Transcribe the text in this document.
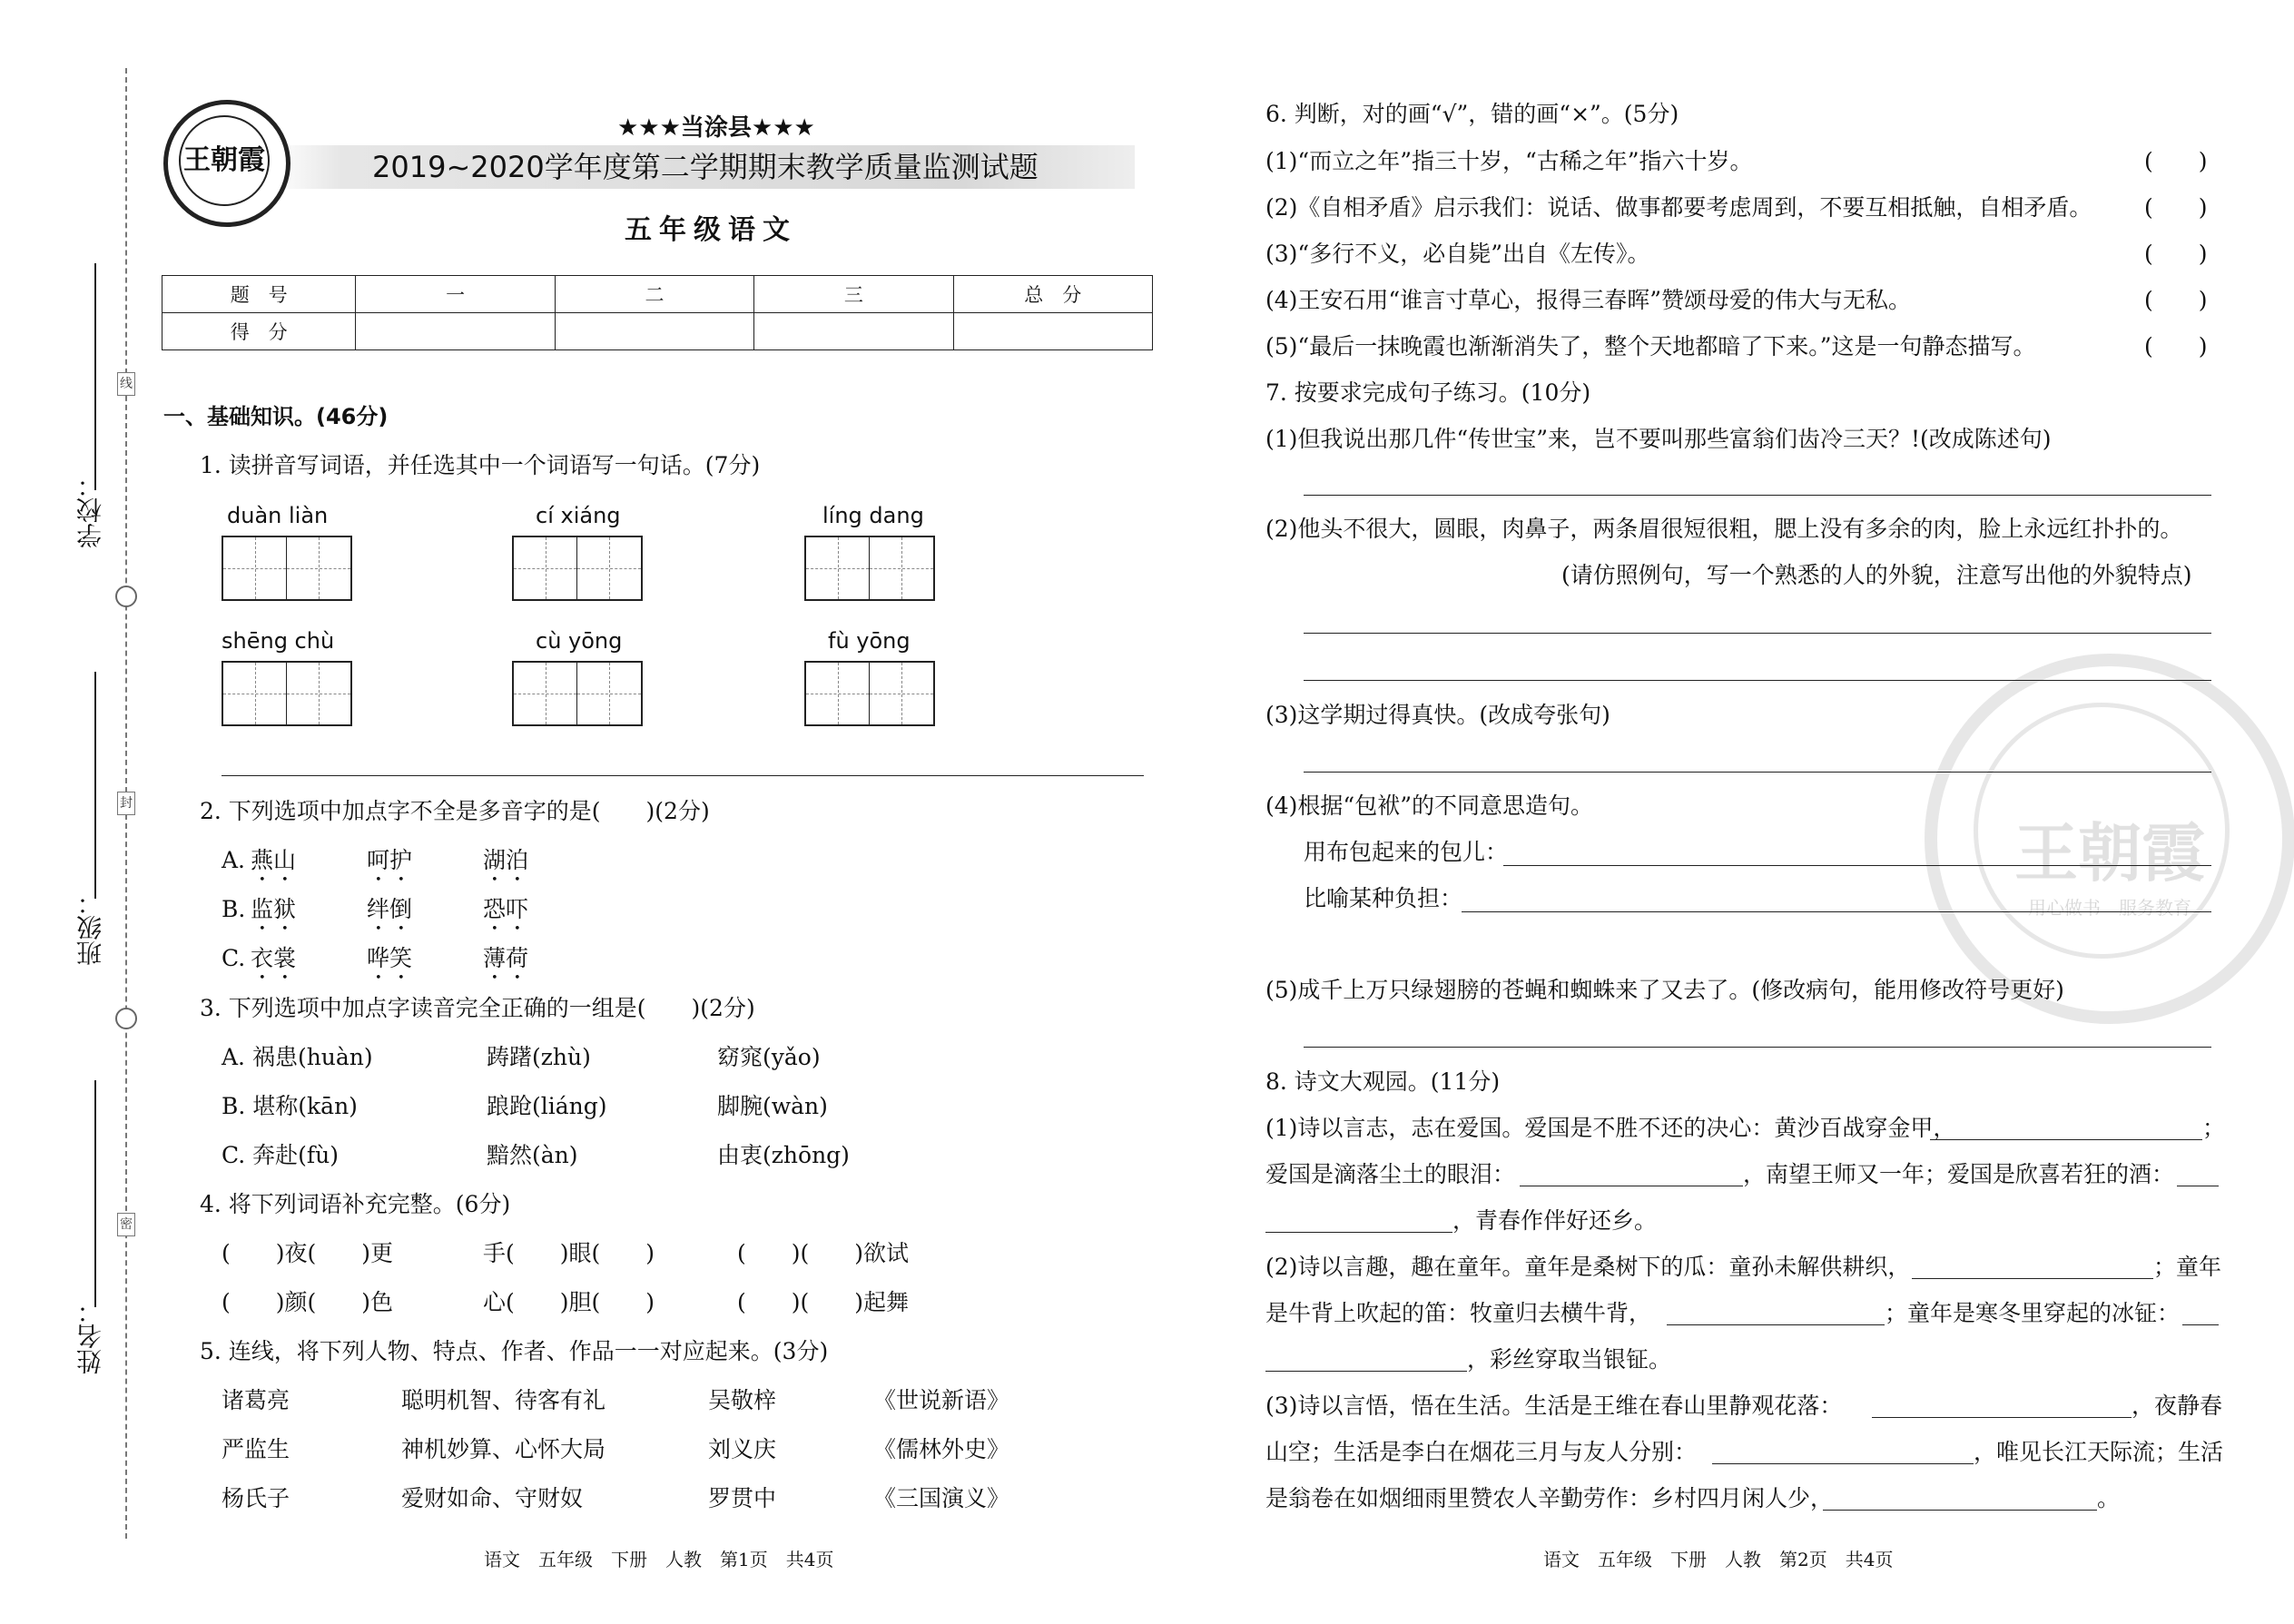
线
封
密
学校：
班级：
姓名：
王朝霞
★★★当涂县★★★
2019~2020学年度第二学期期末教学质量监测试题
五年级语文
题　号	一	二	三	总　分
得　分				
一、基础知识。(46分)
1. 读拼音写词语，并任选其中一个词语写一句话。(7分)
duàn liàn	cí xiáng	líng dang
shēng chù	cù yōng	fù yōng
2. 下列选项中加点字不全是多音字的是(　　)(2分)
A. 燕山	呵护	湖泊
B. 监狱	绊倒	恐吓
C. 衣裳	哗笑	薄荷
3. 下列选项中加点字读音完全正确的一组是(　　)(2分)
A. 祸患(huàn)	踌躇(zhù)	窈窕(yǎo)
B. 堪称(kān)	踉跄(liáng)	脚腕(wàn)
C. 奔赴(fù)	黯然(àn)	由衷(zhōng)
4. 将下列词语补充完整。(6分)
(　　)夜(　　)更	手(　　)眼(　　)	(　　)(　　)欲试
(　　)颜(　　)色	心(　　)胆(　　)	(　　)(　　)起舞
5. 连线，将下列人物、特点、作者、作品一一对应起来。(3分)
诸葛亮	聪明机智、待客有礼	吴敬梓	《世说新语》
严监生	神机妙算、心怀大局	刘义庆	《儒林外史》
杨氏子	爱财如命、守财奴	罗贯中	《三国演义》
语文　五年级　下册　人教　第1页　共4页
王朝霞
用心做书　服务教育
6. 判断，对的画“√”，错的画“×”。(5分)
(1)“而立之年”指三十岁，“古稀之年”指六十岁。	(　　)
(2)《自相矛盾》启示我们：说话、做事都要考虑周到，不要互相抵触，自相矛盾。 (　　)
(3)“多行不义，必自毙”出自《左传》。	(　　)
(4)王安石用“谁言寸草心，报得三春晖”赞颂母爱的伟大与无私。	(　　)
(5)“最后一抹晚霞也渐渐消失了，整个天地都暗了下来。”这是一句静态描写。	(　　)
7. 按要求完成句子练习。(10分)
(1)但我说出那几件“传世宝”来，岂不要叫那些富翁们齿冷三天？!(改成陈述句)
(2)他头不很大，圆眼，肉鼻子，两条眉很短很粗，腮上没有多余的肉，脸上永远红扑扑的。
(请仿照例句，写一个熟悉的人的外貌，注意写出他的外貌特点)
(3)这学期过得真快。(改成夸张句)
(4)根据“包袱”的不同意思造句。
用布包起来的包儿：
比喻某种负担：
(5)成千上万只绿翅膀的苍蝇和蜘蛛来了又去了。(修改病句，能用修改符号更好)
8. 诗文大观园。(11分)
(1)诗以言志，志在爱国。爱国是不胜不还的决心：黄沙百战穿金甲，	；
爱国是滴落尘土的眼泪：	，南望王师又一年；爱国是欣喜若狂的酒：
，青春作伴好还乡。
(2)诗以言趣，趣在童年。童年是桑树下的瓜：童孙未解供耕织，	；童年
是牛背上吹起的笛：牧童归去横牛背，	；童年是寒冬里穿起的冰钲：
，彩丝穿取当银钲。
(3)诗以言悟，悟在生活。生活是王维在春山里静观花落：	，夜静春
山空；生活是李白在烟花三月与友人分别：	，唯见长江天际流；生活
是翁卷在如烟细雨里赞农人辛勤劳作：乡村四月闲人少，	。
语文　五年级　下册　人教　第2页　共4页
